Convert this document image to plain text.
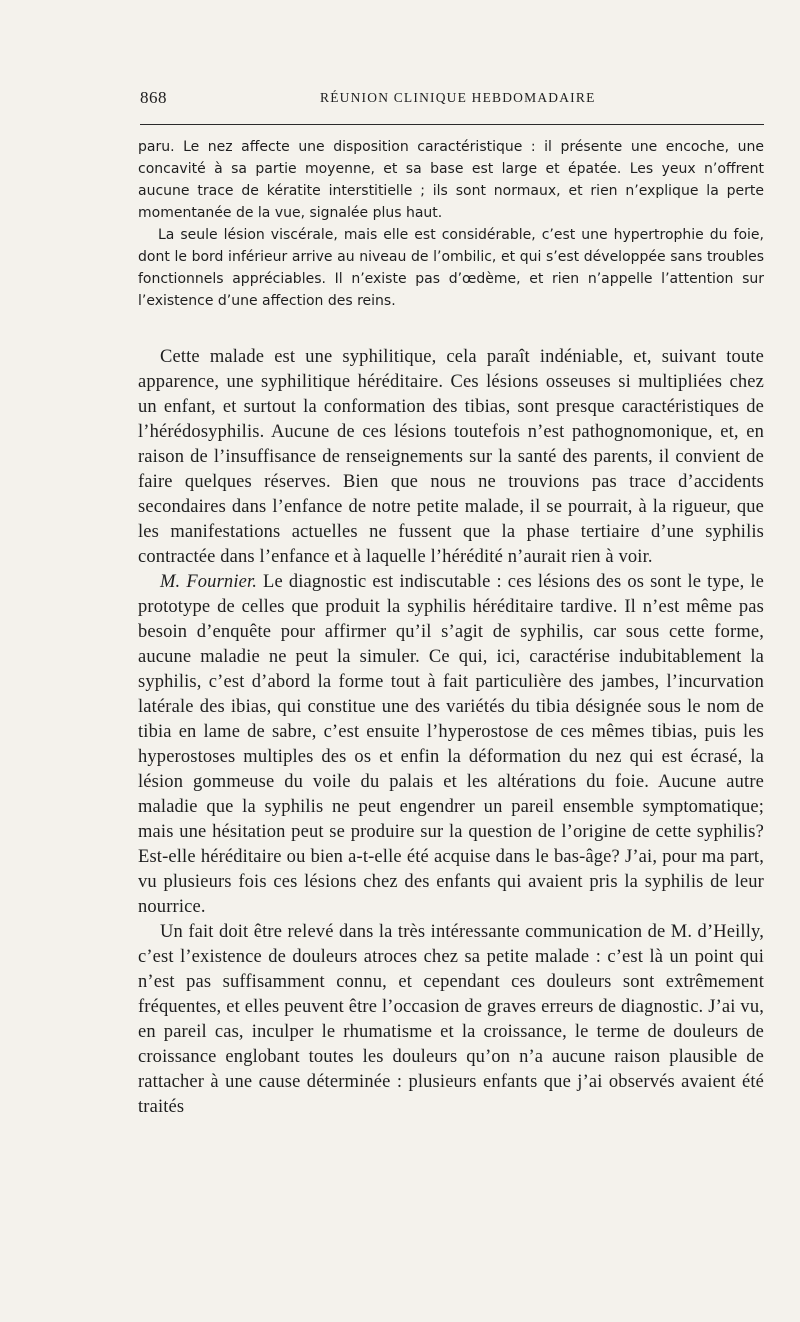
868	RÉUNION CLINIQUE HEBDOMADAIRE

paru. Le nez affecte une disposition caractéristique : il présente une encoche, une concavité à sa partie moyenne, et sa base est large et épatée. Les yeux n’offrent aucune trace de kératite interstitielle ; ils sont normaux, et rien n’explique la perte momentanée de la vue, signalée plus haut.

La seule lésion viscérale, mais elle est considérable, c’est une hypertrophie du foie, dont le bord inférieur arrive au niveau de l’ombilic, et qui s’est développée sans troubles fonctionnels appréciables. Il n’existe pas d’œdème, et rien n’appelle l’attention sur l’existence d’une affection des reins.

Cette malade est une syphilitique, cela paraît indéniable, et, suivant toute apparence, une syphilitique héréditaire. Ces lésions osseuses si multipliées chez un enfant, et surtout la conformation des tibias, sont presque caractéristiques de l’hérédosyphilis. Aucune de ces lésions toutefois n’est pathognomonique, et, en raison de l’insuffisance de renseignements sur la santé des parents, il convient de faire quelques réserves. Bien que nous ne trouvions pas trace d’accidents secondaires dans l’enfance de notre petite malade, il se pourrait, à la rigueur, que les manifestations actuelles ne fussent que la phase tertiaire d’une syphilis contractée dans l’enfance et à laquelle l’hérédité n’aurait rien à voir.

M. Fournier. Le diagnostic est indiscutable : ces lésions des os sont le type, le prototype de celles que produit la syphilis héréditaire tardive. Il n’est même pas besoin d’enquête pour affirmer qu’il s’agit de syphilis, car sous cette forme, aucune maladie ne peut la simuler. Ce qui, ici, caractérise indubitablement la syphilis, c’est d’abord la forme tout à fait particulière des jambes, l’incurvation latérale des ibias, qui constitue une des variétés du tibia désignée sous le nom de tibia en lame de sabre, c’est ensuite l’hyperostose de ces mêmes tibias, puis les hyperostoses multiples des os et enfin la déformation du nez qui est écrasé, la lésion gommeuse du voile du palais et les altérations du foie. Aucune autre maladie que la syphilis ne peut engendrer un pareil ensemble symptomatique; mais une hésitation peut se produire sur la question de l’origine de cette syphilis? Est-elle héréditaire ou bien a-t-elle été acquise dans le bas-âge? J’ai, pour ma part, vu plusieurs fois ces lésions chez des enfants qui avaient pris la syphilis de leur nourrice.

Un fait doit être relevé dans la très intéressante communication de M. d’Heilly, c’est l’existence de douleurs atroces chez sa petite malade : c’est là un point qui n’est pas suffisamment connu, et cependant ces douleurs sont extrêmement fréquentes, et elles peuvent être l’occasion de graves erreurs de diagnostic. J’ai vu, en pareil cas, inculper le rhumatisme et la croissance, le terme de douleurs de croissance englobant toutes les douleurs qu’on n’a aucune raison plausible de rattacher à une cause déterminée : plusieurs enfants que j’ai observés avaient été traités
